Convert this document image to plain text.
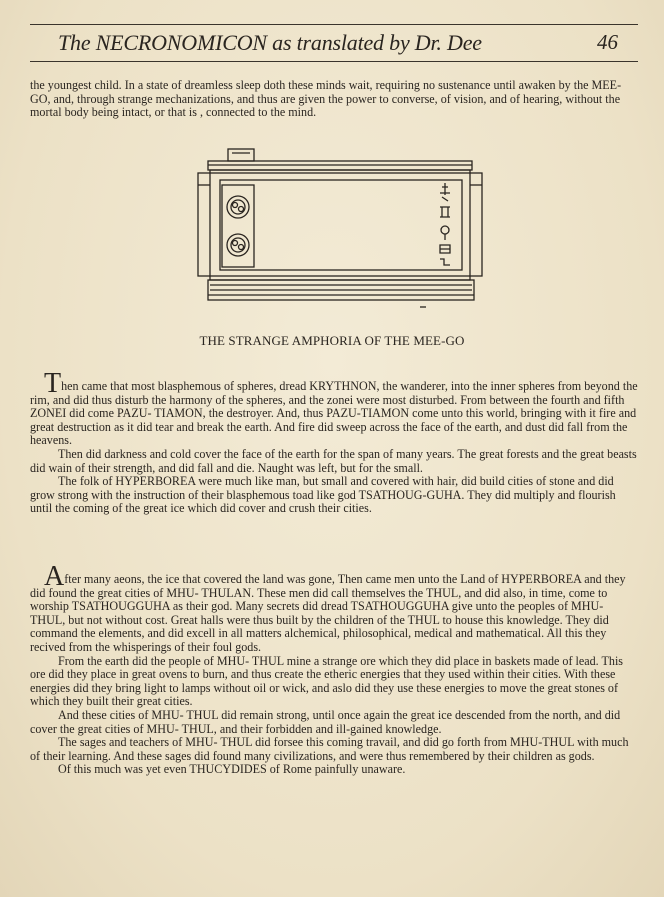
The NECRONOMICON as translated by Dr. Dee	46

the youngest child. In a state of dreamless sleep doth these minds wait, requiring no sustenance until awaken by the MEE-GO, and, through strange mechanizations, and thus are given the power to converse, of vision, and of hearing, without the mortal body being intact, or that is , connected to the mind.

THE STRANGE AMPHORIA OF THE MEE-GO

Then came that most blasphemous of spheres, dread KRYTHNON, the wanderer, into the inner spheres from beyond the rim, and did thus disturb the harmony of the spheres, and the zonei were most disturbed. From between the fourth and fifth ZONEI did come PAZU- TIAMON, the destroyer. And, thus PAZU-TIAMON come unto this world, bringing with it fire and great destruction as it did tear and break the earth. And fire did sweep across the face of the earth, and dust did fall from the heavens.

Then did darkness and cold cover the face of the earth for the span of many years. The great forests and the great beasts did wain of their strength, and did fall and die. Naught was left, but for the small.

The folk of HYPERBOREA were much like man, but small and covered with hair, did build cities of stone and did grow strong with the instruction of their blasphemous toad like god TSATHOUG-GUHA. They did multiply and flourish until the coming of the great ice which did cover and crush their cities.

After many aeons, the ice that covered the land was gone, Then came men unto the Land of HYPERBOREA and they did found the great cities of MHU- THULAN. These men did call themselves the THUL, and did also, in time, come to worship TSATHOUGGUHA as their god. Many secrets did dread TSATHOUGGUHA give unto the peoples of MHU- THUL, but not without cost. Great halls were thus built by the children of the THUL to house this knowledge. They did command the elements, and did excell in all matters alchemical, philosophical, medical and mathematical. All this they recived from the whisperings of their foul gods.

From the earth did the people of MHU- THUL mine a strange ore which they did place in baskets made of lead. This ore did they place in great ovens to burn, and thus create the etheric energies that they used within their cities. With these energies did they bring light to lamps without oil or wick, and aslo did they use these energies to move the great stones of which they built their great cities.

And these cities of MHU- THUL did remain strong, until once again the great ice descended from the north, and did cover the great cities of MHU- THUL, and their forbidden and ill-gained knowledge.

The sages and teachers of MHU- THUL did forsee this coming travail, and did go forth from MHU-THUL with much of their learning. And these sages did found many civilizations, and were thus remembered by their children as gods.

Of this much was yet even THUCYDIDES of Rome painfully unaware.
